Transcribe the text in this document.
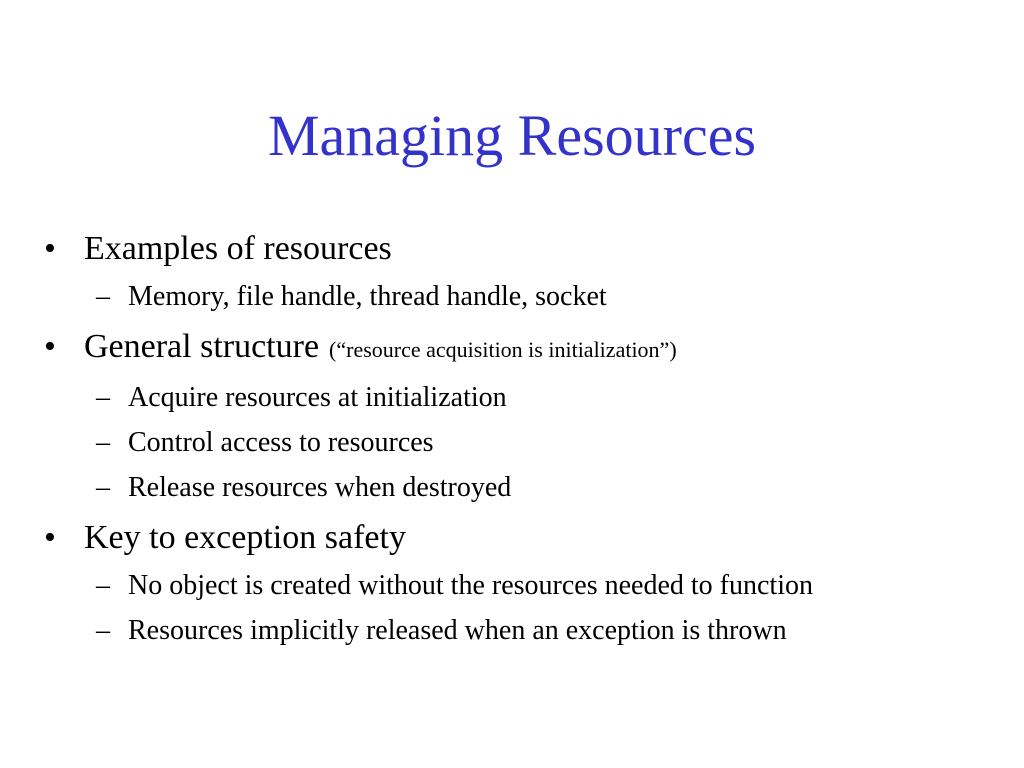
Managing Resources
• Examples of resources
– Memory, file handle, thread handle, socket
• General structure (“resource acquisition is initialization”)
– Acquire resources at initialization
– Control access to resources
– Release resources when destroyed
• Key to exception safety
– No object is created without the resources needed to function
– Resources implicitly released when an exception is thrown
